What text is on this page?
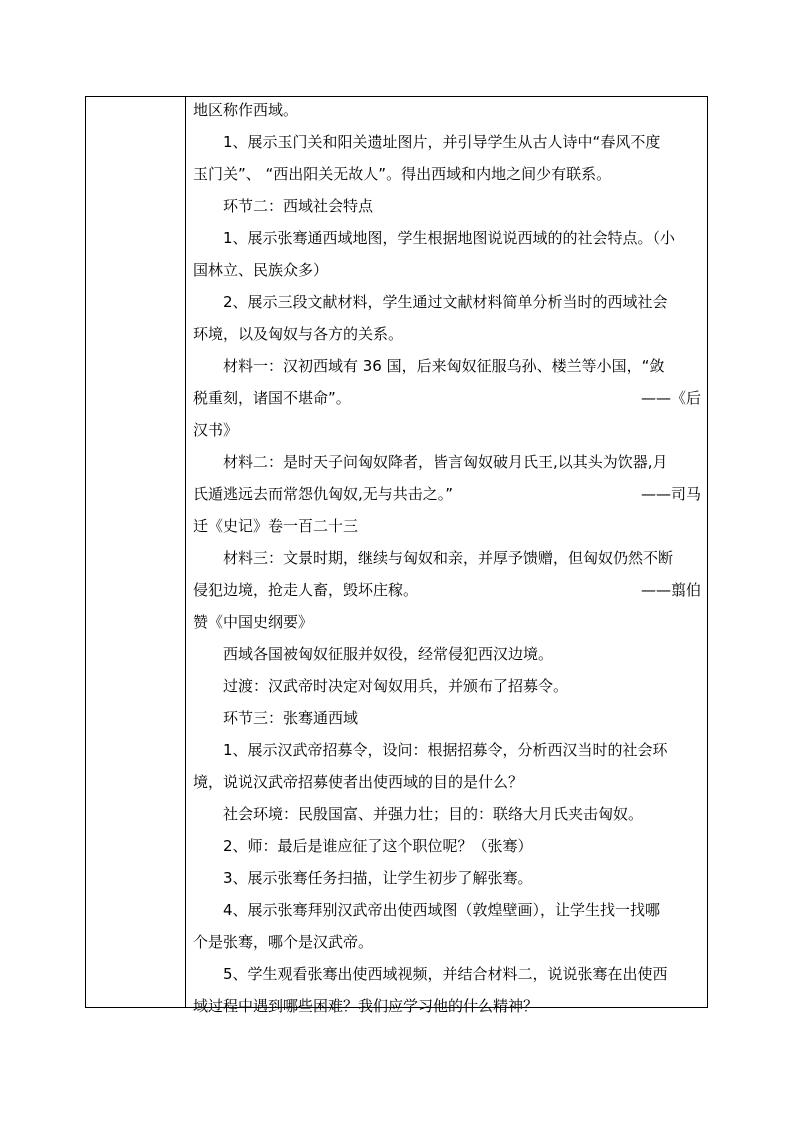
地区称作西域。
1、展示玉门关和阳关遗址图片，并引导学生从古人诗中“春风不度
玉门关”、 “西出阳关无故人”。得出西域和内地之间少有联系。
环节二：西域社会特点
1、展示张骞通西域地图，学生根据地图说说西域的的社会特点。（小
国林立、民族众多）
2、展示三段文献材料，学生通过文献材料简单分析当时的西域社会
环境，以及匈奴与各方的关系。
材料一：汉初西域有 36 国，后来匈奴征服乌孙、楼兰等小国，“敛
税重刻，诸国不堪命”。	——《后
汉书》
材料二：是时天子问匈奴降者，皆言匈奴破月氏王,以其头为饮器,月
氏遁逃远去而常怨仇匈奴,无与共击之。”	——司马
迁《史记》卷一百二十三
材料三：文景时期，继续与匈奴和亲，并厚予馈赠，但匈奴仍然不断
侵犯边境，抢走人畜，毁坏庄稼。	——翦伯
赞《中国史纲要》
西域各国被匈奴征服并奴役，经常侵犯西汉边境。
过渡：汉武帝时决定对匈奴用兵，并颁布了招募令。
环节三：张骞通西域
1、展示汉武帝招募令，设问：根据招募令，分析西汉当时的社会环
境，说说汉武帝招募使者出使西域的目的是什么？
社会环境：民殷国富、并强力壮；目的：联络大月氏夹击匈奴。
2、师：最后是谁应征了这个职位呢？（张骞）
3、展示张骞任务扫描，让学生初步了解张骞。
4、展示张骞拜别汉武帝出使西域图（敦煌壁画），让学生找一找哪
个是张骞，哪个是汉武帝。
5、学生观看张骞出使西域视频，并结合材料二，说说张骞在出使西
域过程中遇到哪些困难？我们应学习他的什么精神？
